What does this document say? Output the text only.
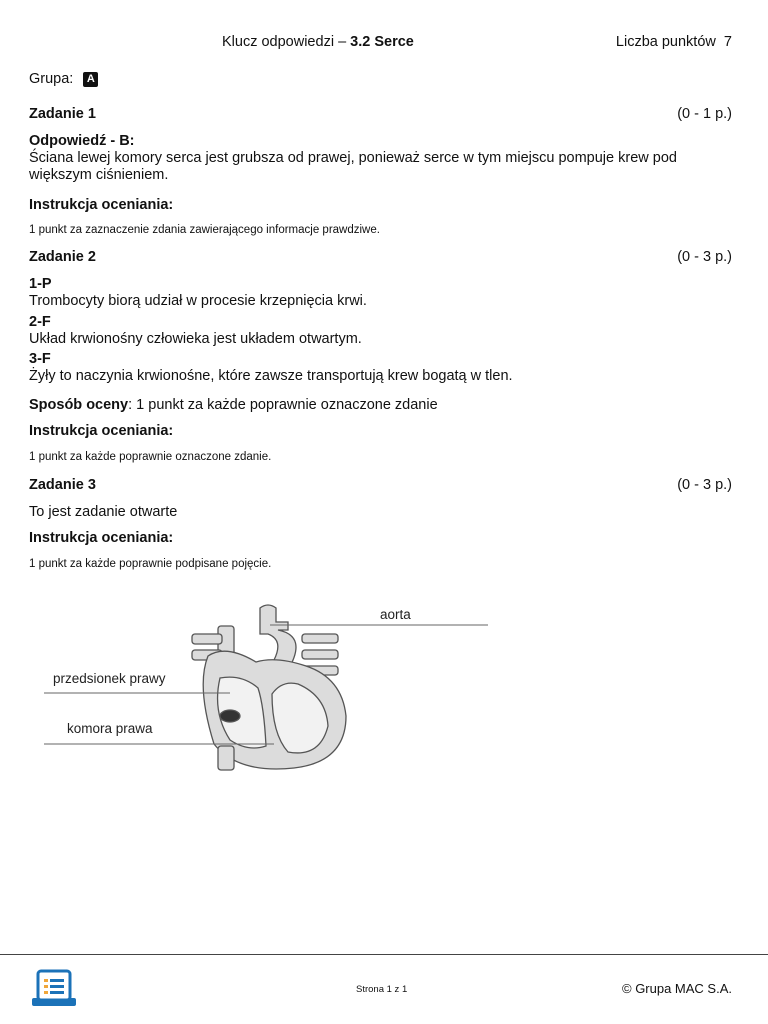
Klucz odpowiedzi – 3.2 Serce	Liczba punktów 7
Grupa: A
Zadanie 1	(0 - 1 p.)
Odpowiedź - B:
Ściana lewej komory serca jest grubsza od prawej, ponieważ serce w tym miejscu pompuje krew pod większym ciśnieniem.
Instrukcja oceniania:
1 punkt za zaznaczenie zdania zawierającego informacje prawdziwe.
Zadanie 2	(0 - 3 p.)
1-P
Trombocyty biorą udział w procesie krzepnięcia krwi.
2-F
Układ krwionośny człowieka jest układem otwartym.
3-F
Żyły to naczynia krwionośne, które zawsze transportują krew bogatą w tlen.
Sposób oceny: 1 punkt za każde poprawnie oznaczone zdanie
Instrukcja oceniania:
1 punkt za każde poprawnie oznaczone zdanie.
Zadanie 3	(0 - 3 p.)
To jest zadanie otwarte
Instrukcja oceniania:
1 punkt za każde poprawnie podpisane pojęcie.
aorta
przedsionek prawy
komora prawa
Strona 1 z 1	© Grupa MAC S.A.
